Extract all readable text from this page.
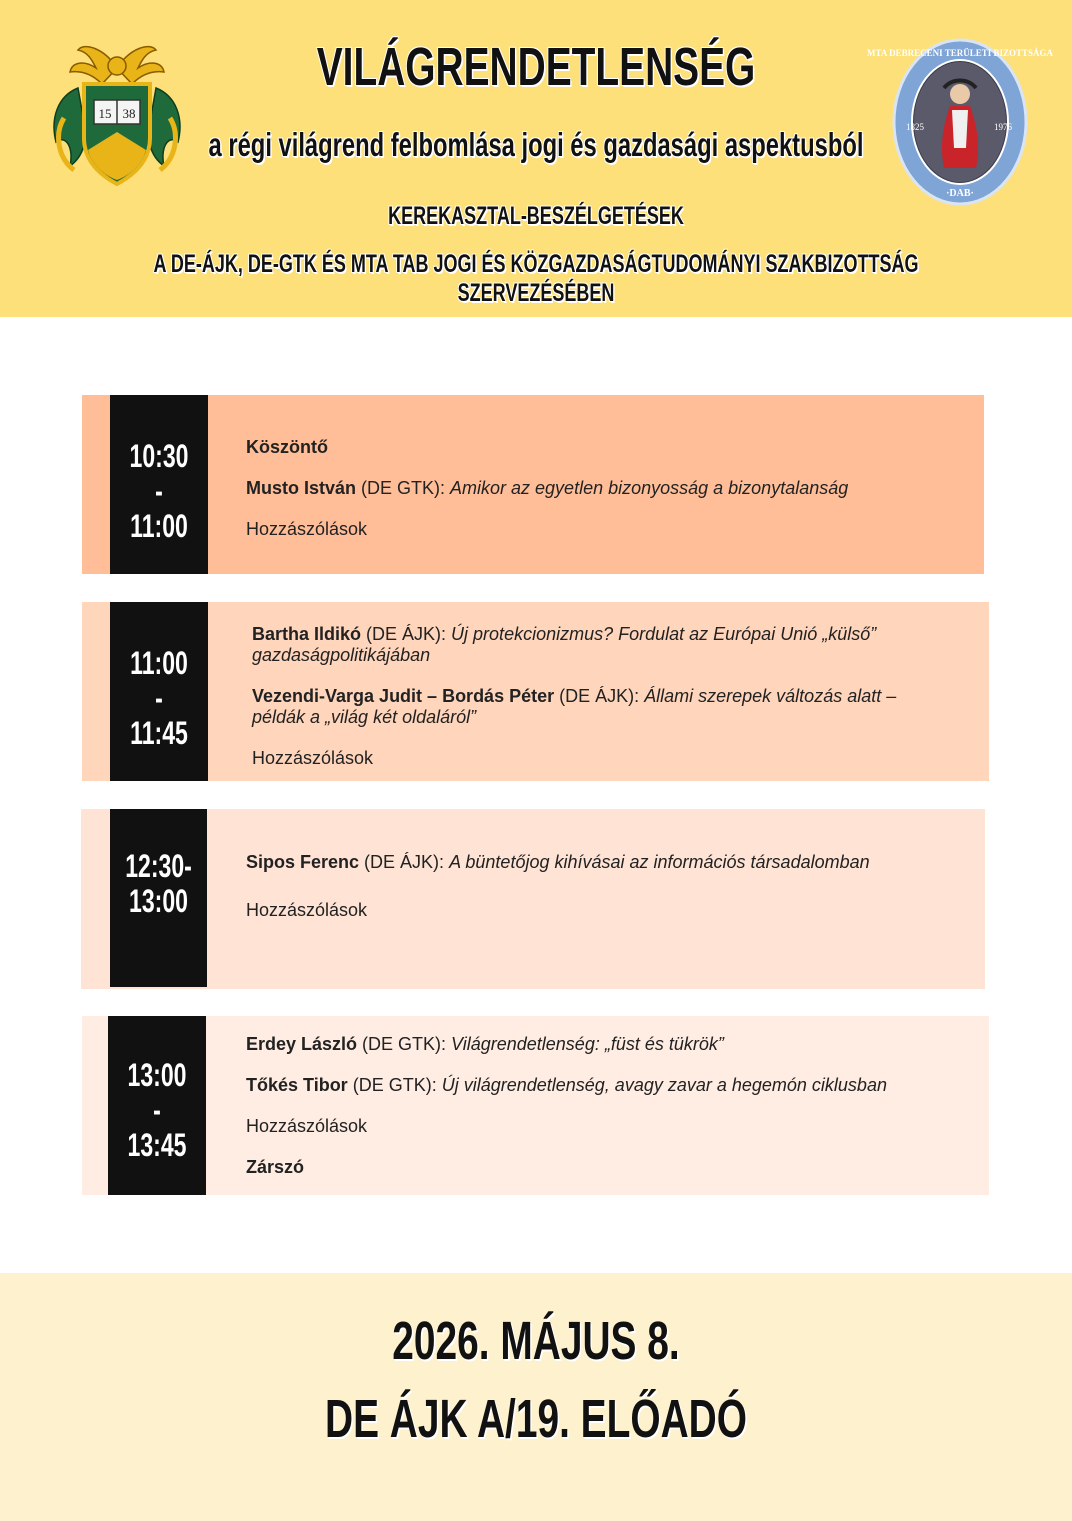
15 38
MTA DEBRECENI TERÜLETI BIZOTTSÁGA
1825	1976
·DAB·
VILÁGRENDETLENSÉG
a régi világrend felbomlása jogi és gazdasági aspektusból
KEREKASZTAL-BESZÉLGETÉSEK
A DE-ÁJK, DE-GTK ÉS MTA TAB JOGI ÉS KÖZGAZDASÁGTUDOMÁNYI SZAKBIZOTTSÁG SZERVEZÉSÉBEN
10:30 -
11:00

Köszöntő

Musto István (DE GTK): Amikor az egyetlen bizonyosság a bizonytalanság

Hozzászólások

11:00 -
11:45

Bartha Ildikó (DE ÁJK): Új protekcionizmus? Fordulat az Európai Unió „külső” gazdaságpolitikájában

Vezendi-Varga Judit – Bordás Péter (DE ÁJK): Állami szerepek változás alatt – példák a „világ két oldaláról”

Hozzászólások

12:30-
13:00

Sipos Ferenc (DE ÁJK): A büntetőjog kihívásai az információs társadalomban

Hozzászólások

13:00 -
13:45

Erdey László (DE GTK): Világrendetlenség: „füst és tükrök”

Tőkés Tibor (DE GTK): Új világrendetlenség, avagy zavar a hegemón ciklusban

Hozzászólások

Zárszó

2026. MÁJUS 8.
DE ÁJK A/19. ELŐADÓ
